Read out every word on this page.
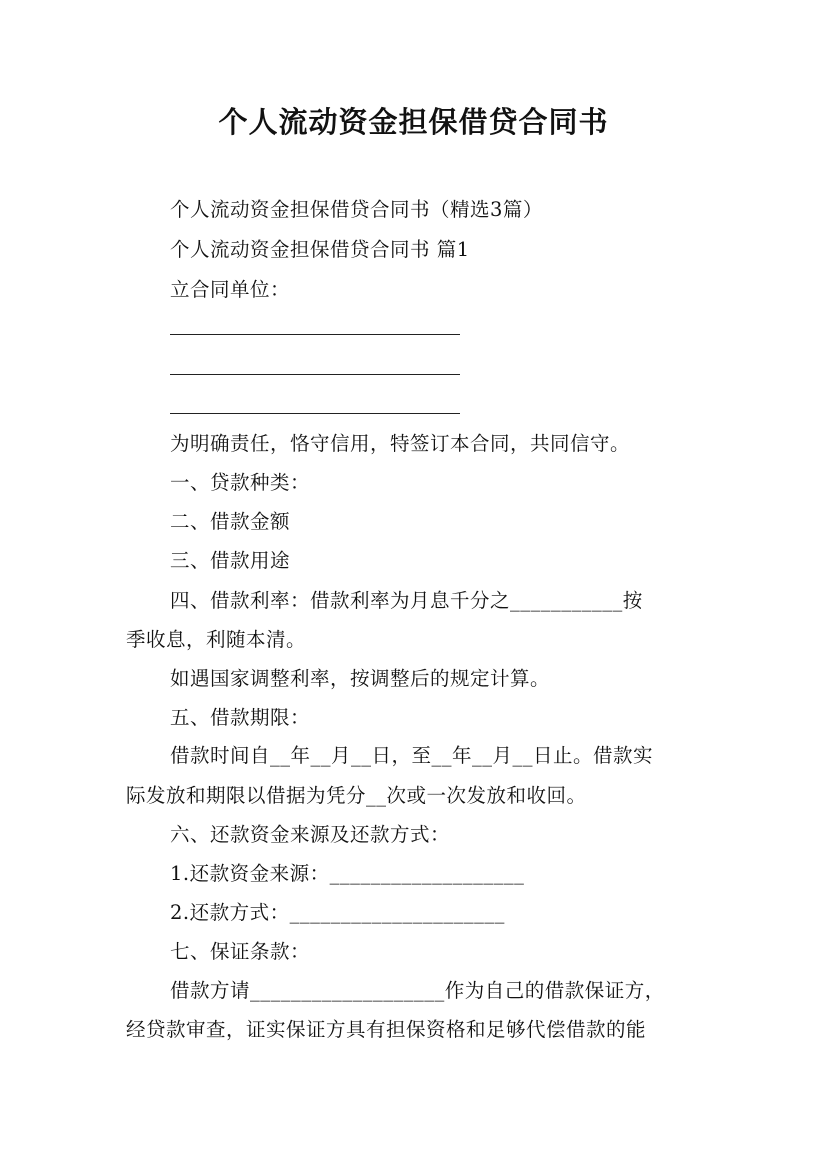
个人流动资金担保借贷合同书
个人流动资金担保借贷合同书（精选3篇）
个人流动资金担保借贷合同书 篇1
立合同单位：
为明确责任，恪守信用，特签订本合同，共同信守。
一、贷款种类：
二、借款金额
三、借款用途
四、借款利率：借款利率为月息千分之___________按
季收息，利随本清。
如遇国家调整利率，按调整后的规定计算。
五、借款期限：
借款时间自__年__月__日，至__年__月__日止。借款实
际发放和期限以借据为凭分__次或一次发放和收回。
六、还款资金来源及还款方式：
1.还款资金来源：___________________
2.还款方式：_____________________
七、保证条款：
借款方请___________________作为自己的借款保证方，
经贷款审查，证实保证方具有担保资格和足够代偿借款的能
